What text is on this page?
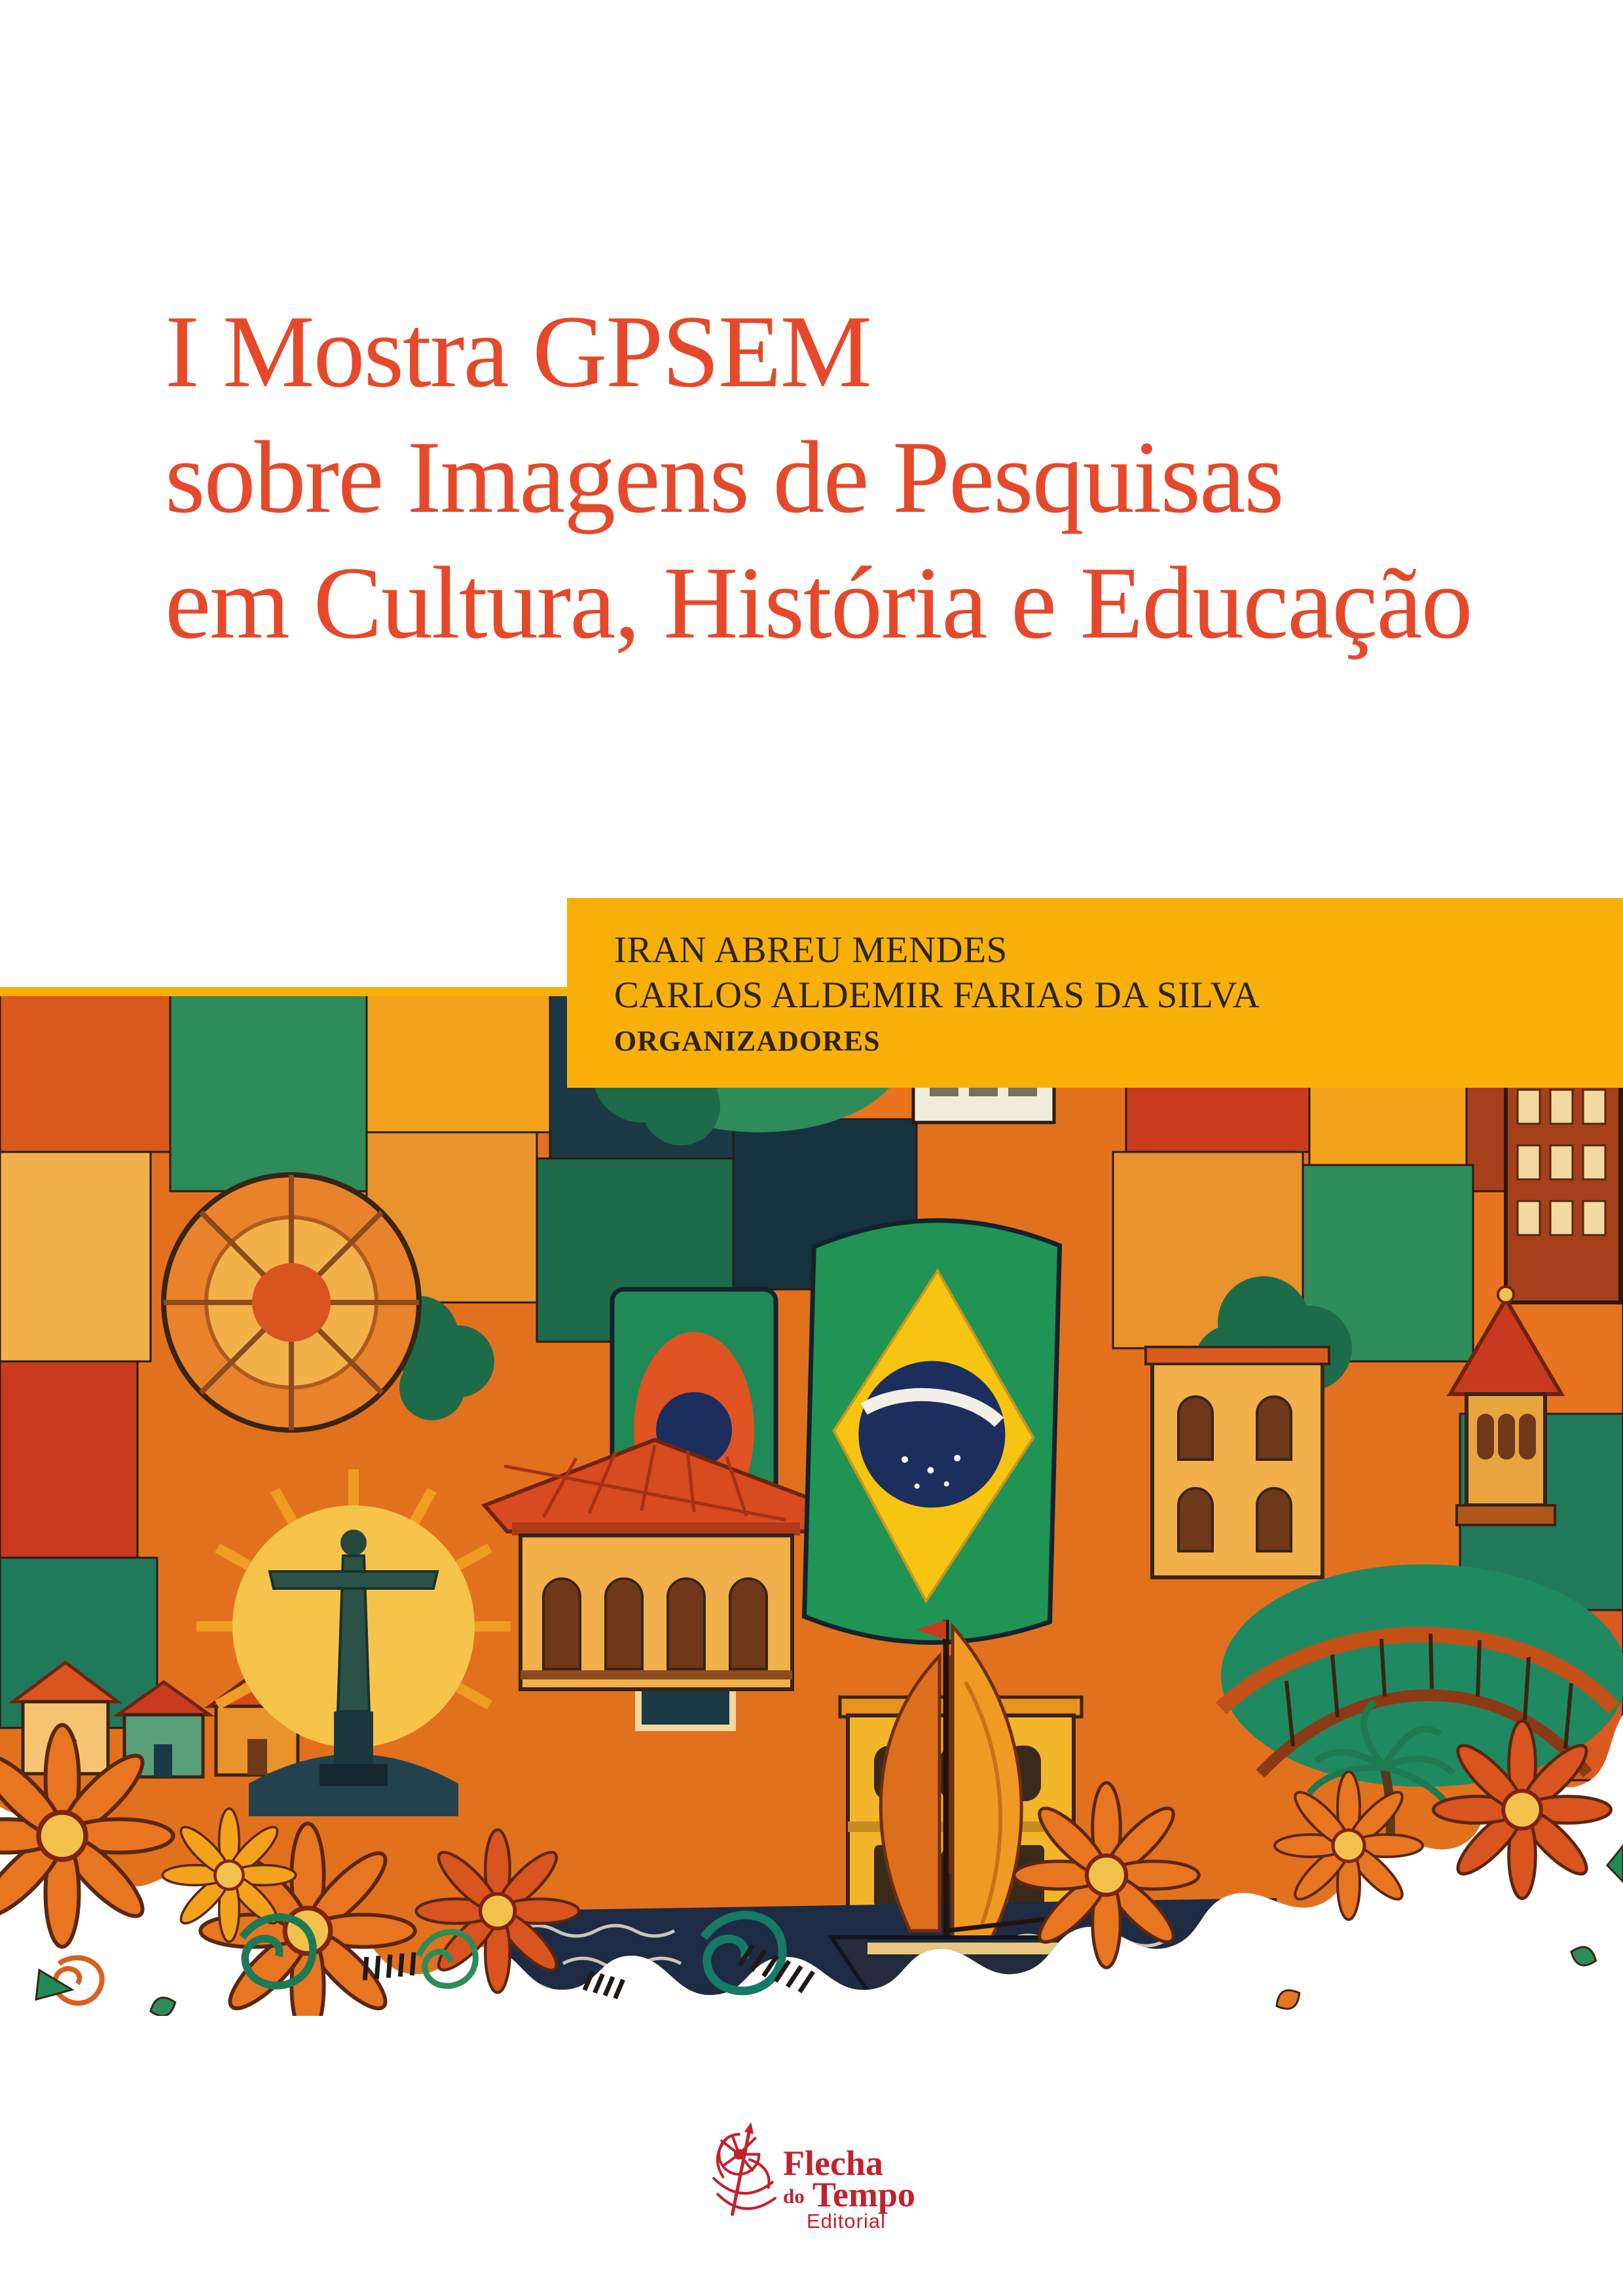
I Mostra GPSEM
sobre Imagens de Pesquisas
em Cultura, História e Educação
IRAN ABREU MENDES
CARLOS ALDEMIR FARIAS DA SILVA
ORGANIZADORES
Flecha
do Tempo
Editorial
